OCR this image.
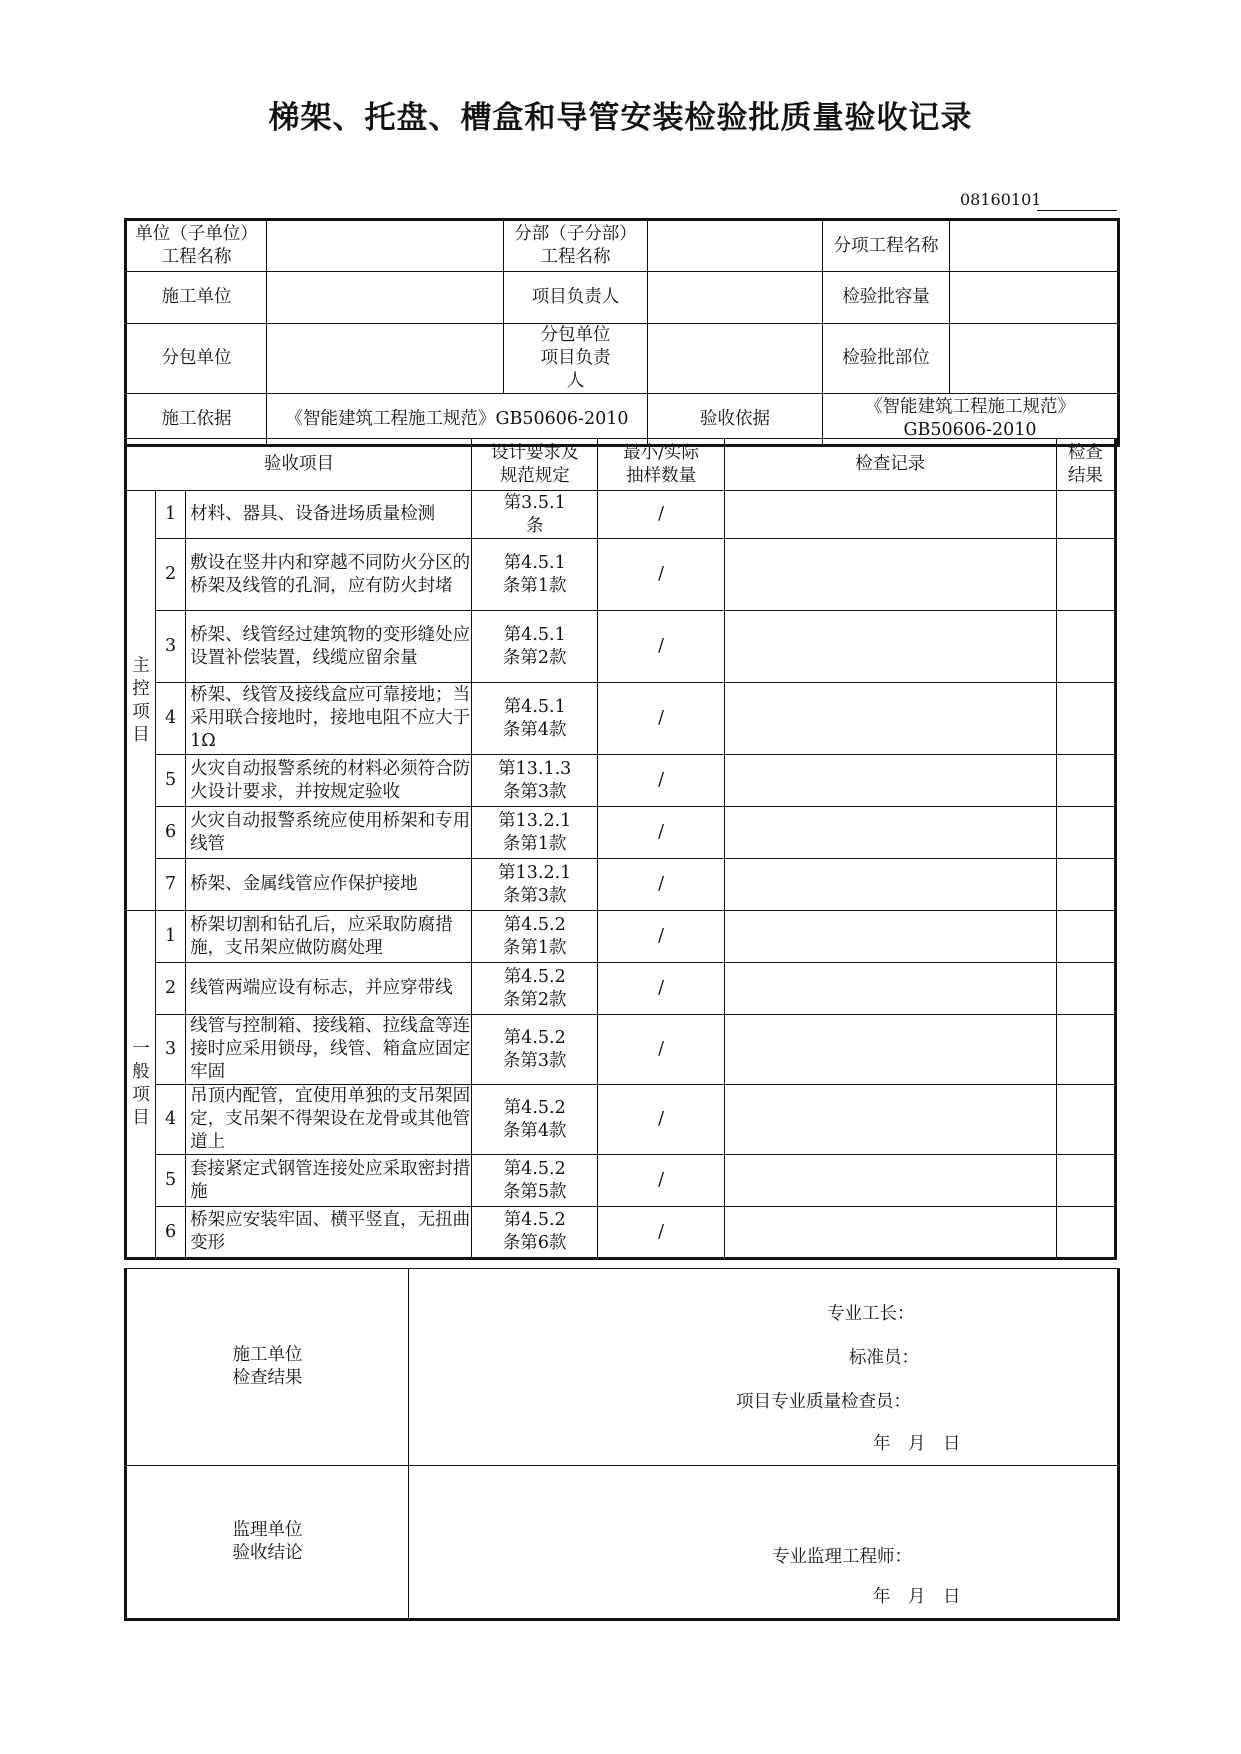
梯架、托盘、槽盒和导管安装检验批质量验收记录
08160101
单位（子单位）工程名称		分部（子分部）工程名称		分项工程名称	
施工单位		项目负责人		检验批容量	
分包单位		分包单位项目负责人		检验批部位	
施工依据	《智能建筑工程施工规范》GB50606-2010		验收依据	《智能建筑工程施工规范》GB50606-2010	
验收项目			设计要求及规范规定	最小/实际抽样数量	检查记录	检查结果
主控项目	1	材料、器具、设备进场质量检测	第3.5.1条	/		
	2	敷设在竖井内和穿越不同防火分区的桥架及线管的孔洞，应有防火封堵	第4.5.1条第1款	/		
	3	桥架、线管经过建筑物的变形缝处应设置补偿装置，线缆应留余量	第4.5.1条第2款	/		
	4	桥架、线管及接线盒应可靠接地；当采用联合接地时，接地电阻不应大于1Ω	第4.5.1条第4款	/		
	5	火灾自动报警系统的材料必须符合防火设计要求，并按规定验收	第13.1.3条第3款	/		
	6	火灾自动报警系统应使用桥架和专用线管	第13.2.1条第1款	/		
	7	桥架、金属线管应作保护接地	第13.2.1条第3款	/		
一般项目	1	桥架切割和钻孔后，应采取防腐措施，支吊架应做防腐处理	第4.5.2条第1款	/		
	2	线管两端应设有标志，并应穿带线	第4.5.2条第2款	/		
	3	线管与控制箱、接线箱、拉线盒等连接时应采用锁母，线管、箱盒应固定牢固	第4.5.2条第3款	/		
	4	吊顶内配管，宜使用单独的支吊架固定，支吊架不得架设在龙骨或其他管道上	第4.5.2条第4款	/		
	5	套接紧定式钢管连接处应采取密封措施	第4.5.2条第5款	/		
	6	桥架应安装牢固、横平竖直，无扭曲变形	第4.5.2条第6款	/		
施工单位检查结果	专业工长：
标准员：
项目专业质量检查员：
年　月　日

监理单位验收结论	专业监理工程师：
年　月　日
